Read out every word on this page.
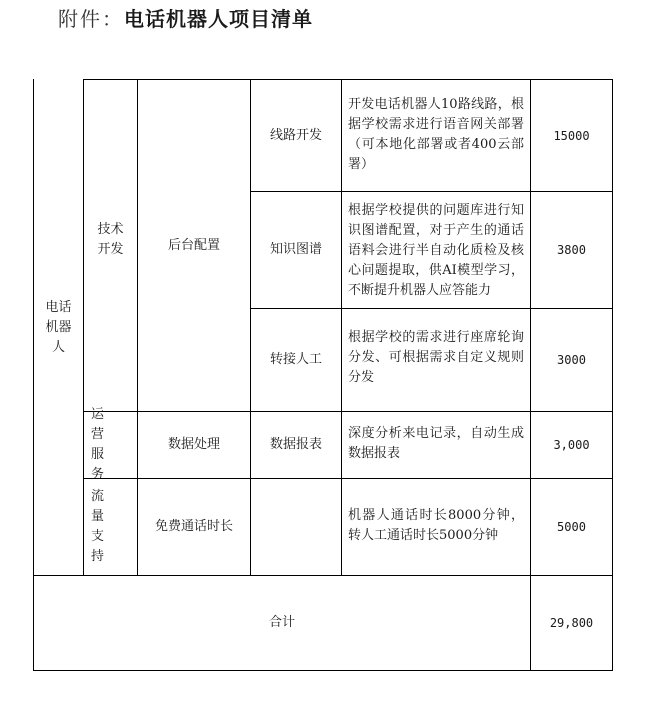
附件：电话机器人项目清单
电话机器人
技术开发
运营服务
流量支持
后台配置
数据处理
免费通话时长
线路开发
开发电话机器人10路线路，根据学校需求进行语音网关部署（可本地化部署或者400云部署）
15000
知识图谱
根据学校提供的问题库进行知识图谱配置，对于产生的通话语料会进行半自动化质检及核心问题提取，供AI模型学习，不断提升机器人应答能力
3800
转接人工
根据学校的需求进行座席轮询分发、可根据需求自定义规则分发
3000
数据报表
深度分析来电记录，自动生成数据报表
3,000
机器人通话时长8000分钟，转人工通话时长5000分钟
5000
合计	29,800
